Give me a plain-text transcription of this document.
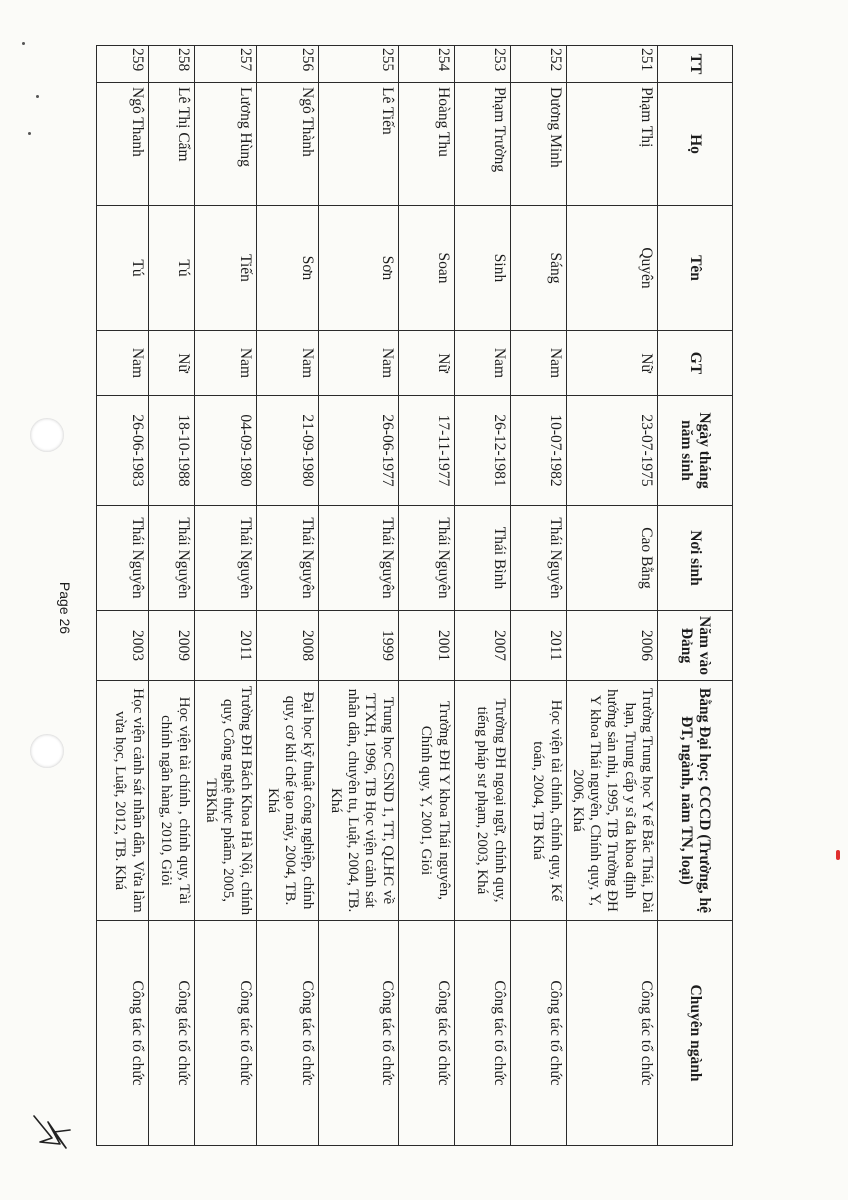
TT	Họ	Tên	GT	Ngày tháng năm sinh	Nơi sinh	Năm vào Đảng	Bằng Đại học; CCCD (Trường, hệ ĐT, ngành, năm TN, loại)	Chuyên ngành
251	Phạm Thị	Quyên	Nữ	23-07-1975	Cao Bằng	2006	Trường Trung học Y tế Bắc Thái, Dài hạn, Trung cấp y sĩ đa khoa định hướng sản nhi, 1995, TB Trường ĐH Y khoa Thái nguyên, Chính quy, Y, 2006, Khá	Công tác tổ chức
252	Dương Minh	Sáng	Nam	10-07-1982	Thái Nguyên	2011	Học viện tài chính, chính quy, Kế toán, 2004, TB Khá	Công tác tổ chức
253	Phạm Trường	Sinh	Nam	26-12-1981	Thái Bình	2007	Trường ĐH ngoại ngữ, chính quy, tiếng pháp sư phạm, 2003, Khá	Công tác tổ chức
254	Hoàng Thu	Soan	Nữ	17-11-1977	Thái Nguyên	2001	Trường ĐH Y khoa Thái nguyên, Chính quy, Y, 2001, Giỏi	Công tác tổ chức
255	Lê Tiến	Sơn	Nam	26-06-1977	Thái Nguyên	1999	Trung học CSND 1, TT, QLHC về TTXH, 1996, TB Học viện cảnh sát nhân dân, chuyên tu, Luật, 2004, TB. Khá	Công tác tổ chức
256	Ngô Thành	Sơn	Nam	21-09-1980	Thái Nguyên	2008	Đại học kỹ thuật công nghiệp, chính quy, cơ khí chế tạo máy, 2004, TB. Khá	Công tác tổ chức
257	Lương Hùng	Tiến	Nam	04-09-1980	Thái Nguyên	2011	Trường ĐH Bách Khoa Hà Nội, chính quy, Công nghệ thực phẩm, 2005, TBKhá	Công tác tổ chức
258	Lê Thị Cẩm	Tú	Nữ	18-10-1988	Thái Nguyên	2009	Học viện tài chính , chính quy, Tài chính ngân hàng, 2010, Giỏi	Công tác tổ chức
259	Ngô Thanh	Tú	Nam	26-06-1983	Thái Nguyên	2003	Học viện cảnh sát nhân dân, Vừa làm vừa học, Luật, 2012, TB. Khá	Công tác tổ chức
Page 26
